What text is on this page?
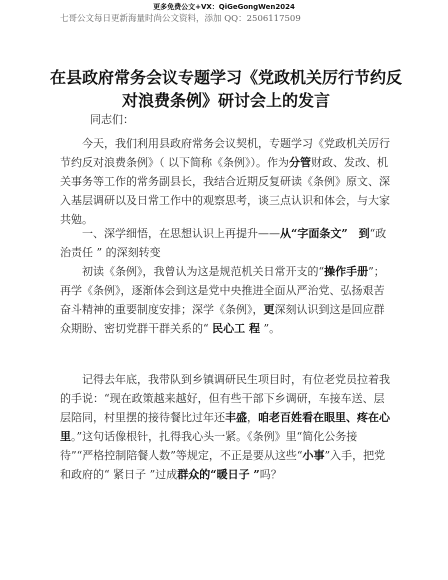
更多免费公文+VX：QiGeGongWen2024
七哥公文每日更新海量时尚公文资料，添加 QQ：2506117509
在县政府常务会议专题学习《党政机关厉行节约反对浪费条例》研讨会上的发言
同志们：
今天，我们利用县政府常务会议契机，专题学习《党政机关厉行节约反对浪费条例》（ 以下简称《条例》）。作为分管财政、发改、机关事务等工作的常务副县长，我结合近期反复研读《条例》原文、深入基层调研以及日常工作中的观察思考，谈三点认识和体会，与大家共勉。
一、深学细悟，在思想认识上再提升——从“字面条文”　到“政治责任 ” 的深刻转变
初读《条例》，我曾认为这是规范机关日常开支的“操作手册”；再学《条例》，逐渐体会到这是党中央推进全面从严治党、弘扬艰苦奋斗精神的重要制度安排；深学《条例》，更深刻认识到这是回应群众期盼、密切党群干群关系的“ 民心工 程 ”。
记得去年底，我带队到乡镇调研民生项目时，有位老党员拉着我的手说：“现在政策越来越好，但有些干部下乡调研，车接车送、层层陪同，村里摆的接待餐比过年还丰盛，咱老百姓看在眼里、疼在心里。”这句话像根针，扎得我心头一紧。《条例》里“简化公务接待”“严格控制陪餐人数”等规定，不正是要从这些“小事”入手，把党和政府的“ 紧日子 ”过成群众的“暖日子 ”吗？
